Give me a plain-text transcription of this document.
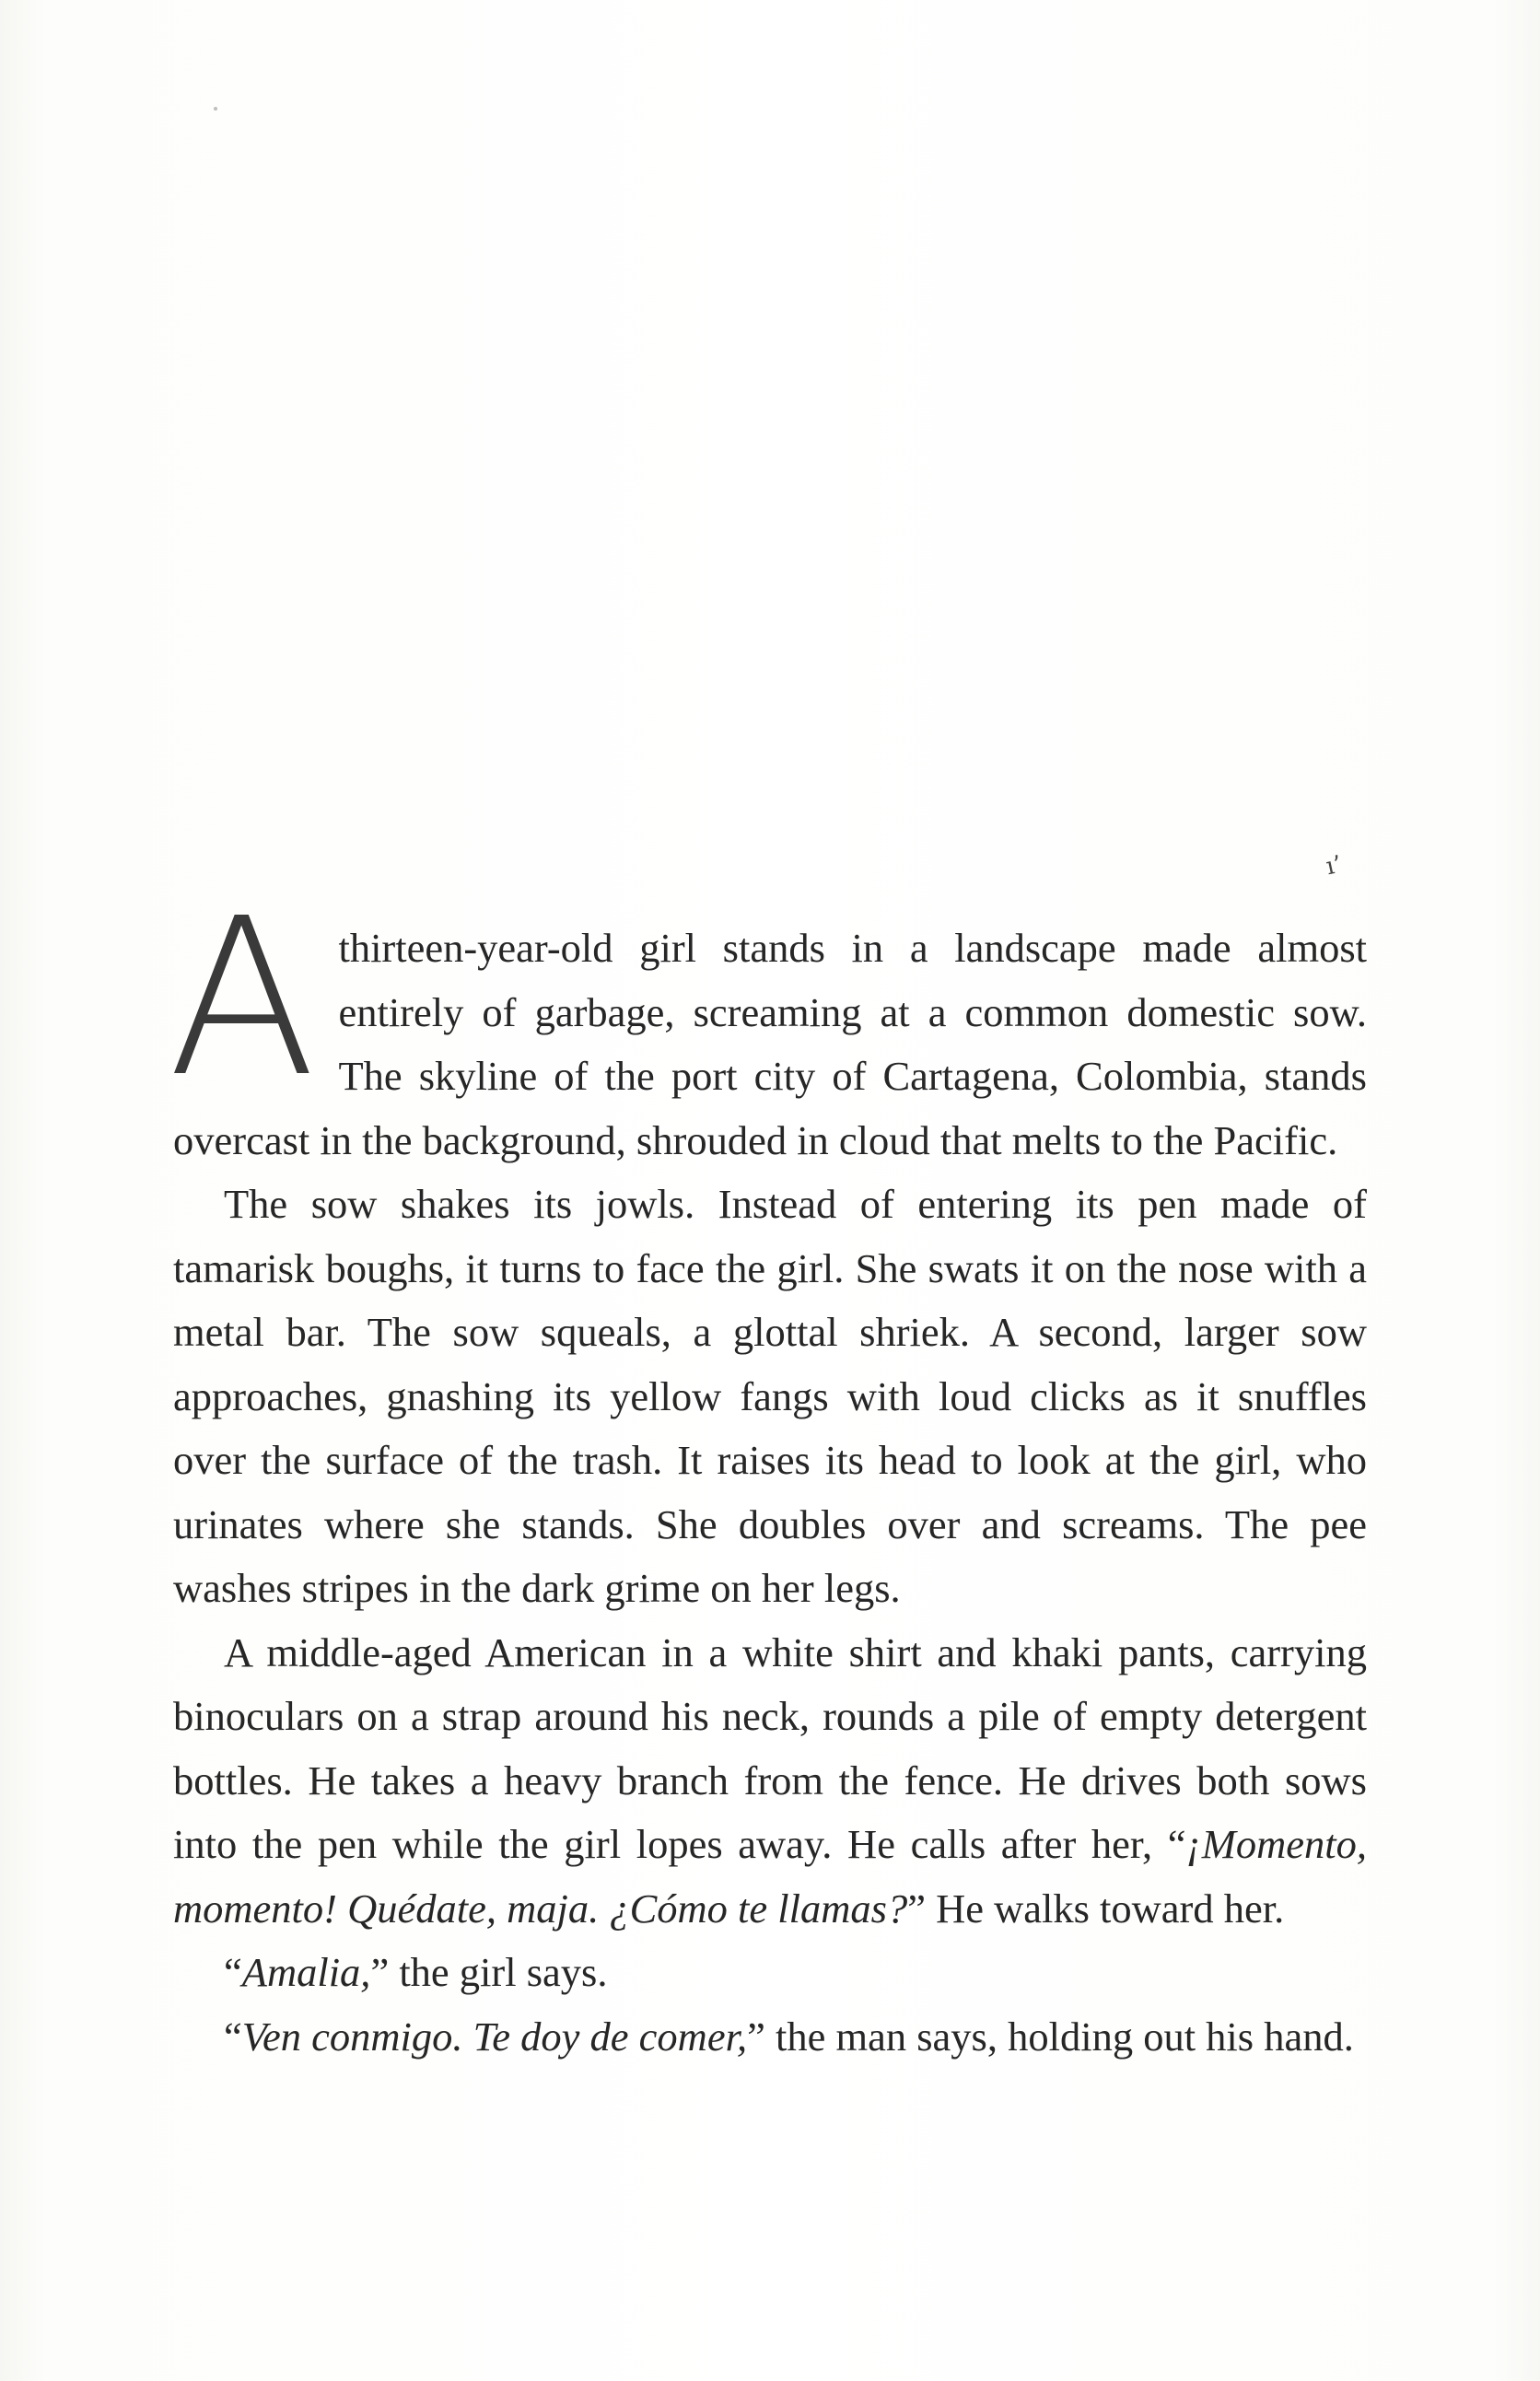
ı’

A thirteen-year-old girl stands in a landscape made almost entirely of garbage, screaming at a common domestic sow. The skyline of the port city of Cartagena, Colombia, stands overcast in the background, shrouded in cloud that melts to the Pacific.

The sow shakes its jowls. Instead of entering its pen made of tamarisk boughs, it turns to face the girl. She swats it on the nose with a metal bar. The sow squeals, a glottal shriek. A second, larger sow approaches, gnashing its yellow fangs with loud clicks as it snuffles over the surface of the trash. It raises its head to look at the girl, who urinates where she stands. She doubles over and screams. The pee washes stripes in the dark grime on her legs.

A middle-aged American in a white shirt and khaki pants, carrying binoculars on a strap around his neck, rounds a pile of empty detergent bottles. He takes a heavy branch from the fence. He drives both sows into the pen while the girl lopes away. He calls after her, “¡Momento, momento! Quédate, maja. ¿Cómo te llamas?” He walks toward her.

“Amalia,” the girl says.

“Ven conmigo. Te doy de comer,” the man says, holding out his hand.
